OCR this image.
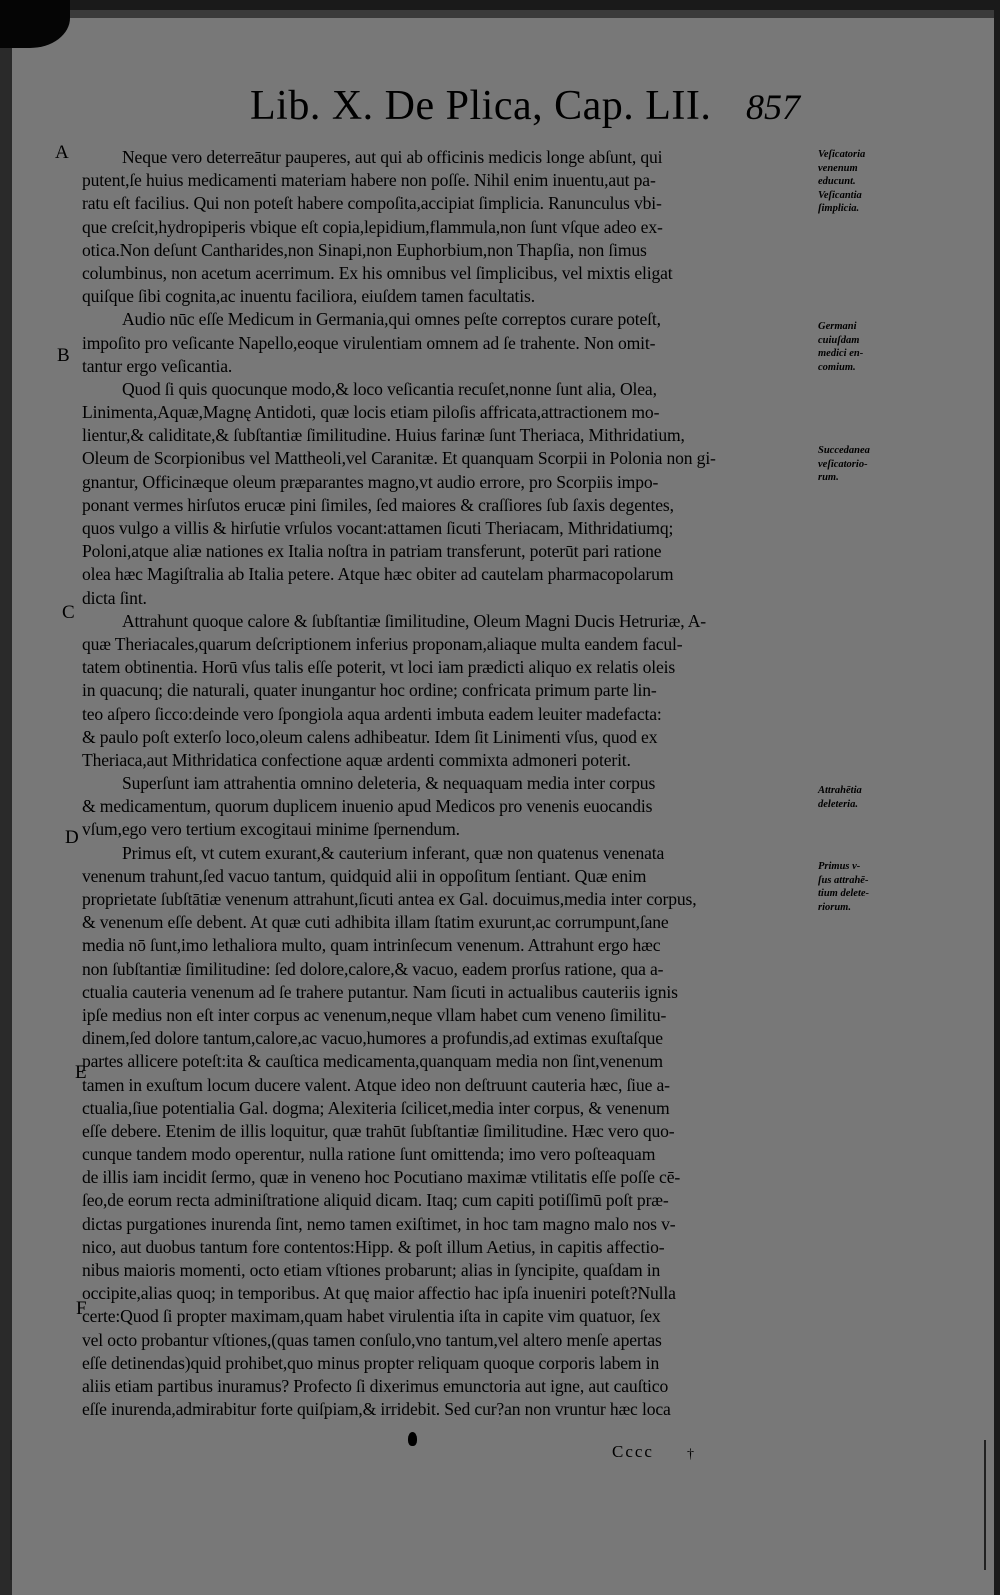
Lib. X. De Plica, Cap. LII. 857
A
B
C
D
E
F
Neque vero deterreātur pauperes, aut qui ab officinis medicis longe abſunt, qui
putent,ſe huius medicamenti materiam habere non poſſe. Nihil enim inuentu,aut pa-
ratu eſt facilius. Qui non poteſt habere compoſita,accipiat ſimplicia. Ranunculus vbi-
que creſcit,hydropiperis vbique eſt copia,lepidium,flammula,non ſunt vſque adeo ex-
otica.Non deſunt Cantharides,non Sinapi,non Euphorbium,non Thapſia, non ſimus
columbinus, non acetum acerrimum. Ex his omnibus vel ſimplicibus, vel mixtis eligat
quiſque ſibi cognita,ac inuentu faciliora, eiuſdem tamen facultatis.
Audio nūc eſſe Medicum in Germania,qui omnes peſte correptos curare poteſt,
impoſito pro veſicante Napello,eoque virulentiam omnem ad ſe trahente. Non omit-
tantur ergo veſicantia.
Quod ſi quis quocunque modo,& loco veſicantia recuſet,nonne ſunt alia, Olea,
Linimenta,Aquæ,Magnę Antidoti, quæ locis etiam piloſis affricata,attractionem mo-
lientur,& caliditate,& ſubſtantiæ ſimilitudine. Huius farinæ ſunt Theriaca, Mithridatium,
Oleum de Scorpionibus vel Mattheoli,vel Caranitæ. Et quanquam Scorpii in Polonia non gi-
gnantur, Officinæque oleum præparantes magno,vt audio errore, pro Scorpiis impo-
ponant vermes hirſutos erucæ pini ſimiles, ſed maiores & craſſiores ſub ſaxis degentes,
quos vulgo a villis & hirſutie vrſulos vocant:attamen ſicuti Theriacam, Mithridatiumq;
Poloni,atque aliæ nationes ex Italia noſtra in patriam transferunt, poterūt pari ratione
olea hæc Magiſtralia ab Italia petere. Atque hæc obiter ad cautelam pharmacopolarum
dicta ſint.
Attrahunt quoque calore & ſubſtantiæ ſimilitudine, Oleum Magni Ducis Hetruriæ, A-
quæ Theriacales,quarum deſcriptionem inferius proponam,aliaque multa eandem facul-
tatem obtinentia. Horū vſus talis eſſe poterit, vt loci iam prædicti aliquo ex relatis oleis
in quacunq; die naturali, quater inungantur hoc ordine; confricata primum parte lin-
teo aſpero ſicco:deinde vero ſpongiola aqua ardenti imbuta eadem leuiter madefacta:
& paulo poſt exterſo loco,oleum calens adhibeatur. Idem ſit Linimenti vſus, quod ex
Theriaca,aut Mithridatica confectione aquæ ardenti commixta admoneri poterit.
Superſunt iam attrahentia omnino deleteria, & nequaquam media inter corpus
& medicamentum, quorum duplicem inuenio apud Medicos pro venenis euocandis
vſum,ego vero tertium excogitaui minime ſpernendum.
Primus eſt, vt cutem exurant,& cauterium inferant, quæ non quatenus venenata
venenum trahunt,ſed vacuo tantum, quidquid alii in oppoſitum ſentiant. Quæ enim
proprietate ſubſtātiæ venenum attrahunt,ſicuti antea ex Gal. docuimus,media inter corpus,
& venenum eſſe debent. At quæ cuti adhibita illam ſtatim exurunt,ac corrumpunt,ſane
media nō ſunt,imo lethaliora multo, quam intrinſecum venenum. Attrahunt ergo hæc
non ſubſtantiæ ſimilitudine: ſed dolore,calore,& vacuo, eadem prorſus ratione, qua a-
ctualia cauteria venenum ad ſe trahere putantur. Nam ſicuti in actualibus cauteriis ignis
ipſe medius non eſt inter corpus ac venenum,neque vllam habet cum veneno ſimilitu-
dinem,ſed dolore tantum,calore,ac vacuo,humores a profundis,ad extimas exuſtaſque
partes allicere poteſt:ita & cauſtica medicamenta,quanquam media non ſint,venenum
tamen in exuſtum locum ducere valent. Atque ideo non deſtruunt cauteria hæc, ſiue a-
ctualia,ſiue potentialia Gal. dogma; Alexiteria ſcilicet,media inter corpus, & venenum
eſſe debere. Etenim de illis loquitur, quæ trahūt ſubſtantiæ ſimilitudine. Hæc vero quo-
cunque tandem modo operentur, nulla ratione ſunt omittenda; imo vero poſteaquam
de illis iam incidit ſermo, quæ in veneno hoc Pocutiano maximæ vtilitatis eſſe poſſe cē-
ſeo,de eorum recta adminiſtratione aliquid dicam. Itaq; cum capiti potiſſimū poſt præ-
dictas purgationes inurenda ſint, nemo tamen exiſtimet, in hoc tam magno malo nos v-
nico, aut duobus tantum fore contentos:Hipp. & poſt illum Aetius, in capitis affectio-
nibus maioris momenti, octo etiam vſtiones probarunt; alias in ſyncipite, quaſdam in
occipite,alias quoq; in temporibus. At quę maior affectio hac ipſa inueniri poteſt?Nulla
certe:Quod ſi propter maximam,quam habet virulentia iſta in capite vim quatuor, ſex
vel octo probantur vſtiones,(quas tamen conſulo,vno tantum,vel altero menſe apertas
eſſe detinendas)quid prohibet,quo minus propter reliquam quoque corporis labem in
aliis etiam partibus inuramus? Profecto ſi dixerimus emunctoria aut igne, aut cauſtico
eſſe inurenda,admirabitur forte quiſpiam,& irridebit. Sed cur?an non vruntur hæc loca
Veſicatoria
venenum
educunt.
Veſicantia
ſimplicia.
Germani
cuiuſdam
medici en-
comium.
Succedanea
veſicatorio-
rum.
Attrahētia
deleteria.
Primus v-
ſus attrahē-
tium delete-
riorum.
Cccc †
